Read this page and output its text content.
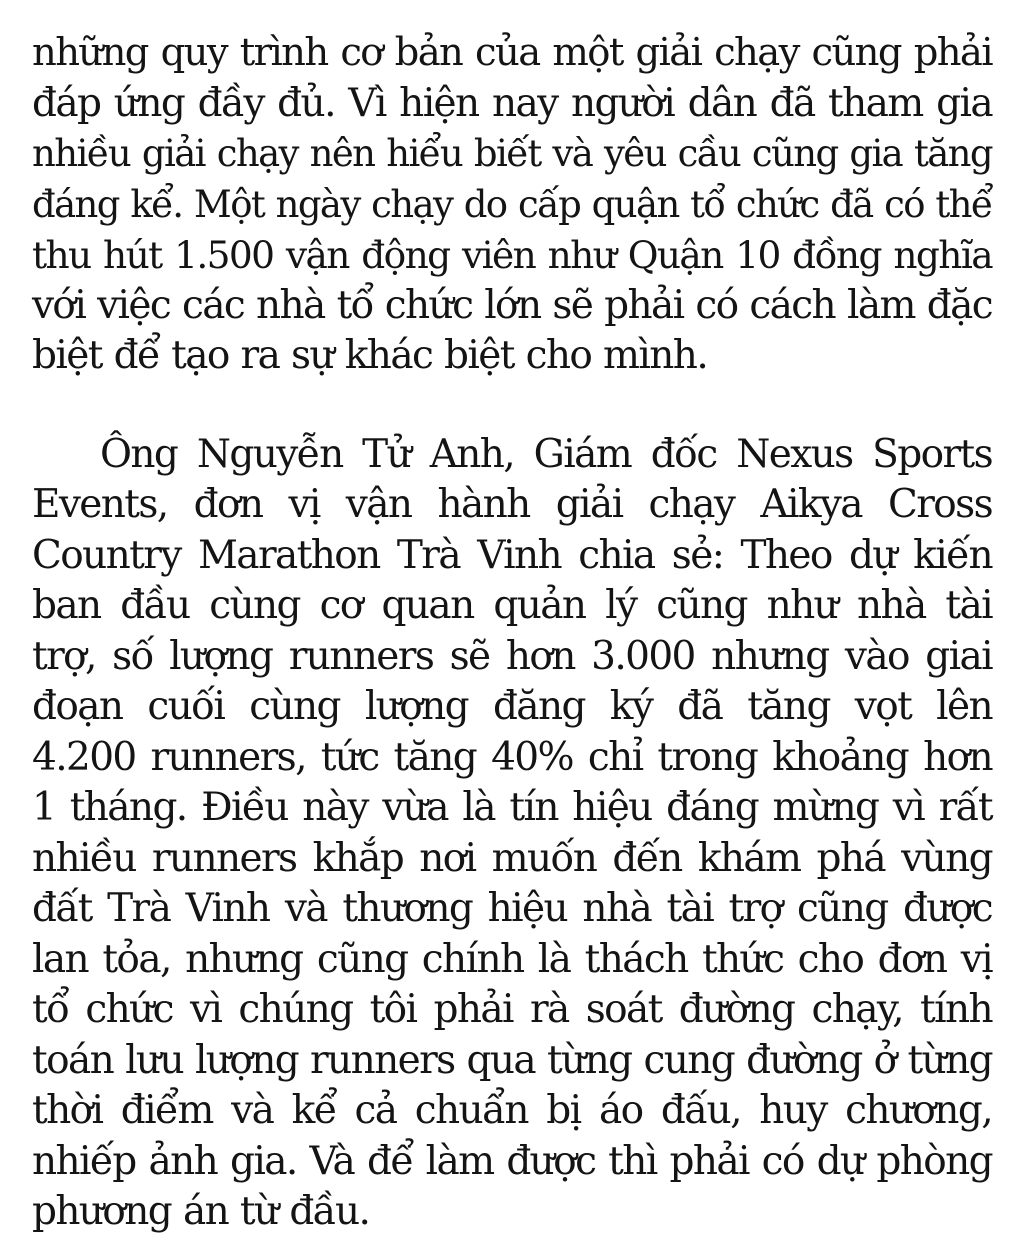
những quy trình cơ bản của một giải chạy cũng phải
đáp ứng đầy đủ. Vì hiện nay người dân đã tham gia
nhiều giải chạy nên hiểu biết và yêu cầu cũng gia tăng
đáng kể. Một ngày chạy do cấp quận tổ chức đã có thể
thu hút 1.500 vận động viên như Quận 10 đồng nghĩa
với việc các nhà tổ chức lớn sẽ phải có cách làm đặc
biệt để tạo ra sự khác biệt cho mình.
Ông Nguyễn Tử Anh, Giám đốc Nexus Sports
Events, đơn vị vận hành giải chạy Aikya Cross
Country Marathon Trà Vinh chia sẻ: Theo dự kiến
ban đầu cùng cơ quan quản lý cũng như nhà tài
trợ, số lượng runners sẽ hơn 3.000 nhưng vào giai
đoạn cuối cùng lượng đăng ký đã tăng vọt lên
4.200 runners, tức tăng 40% chỉ trong khoảng hơn
1 tháng. Điều này vừa là tín hiệu đáng mừng vì rất
nhiều runners khắp nơi muốn đến khám phá vùng
đất Trà Vinh và thương hiệu nhà tài trợ cũng được
lan tỏa, nhưng cũng chính là thách thức cho đơn vị
tổ chức vì chúng tôi phải rà soát đường chạy, tính
toán lưu lượng runners qua từng cung đường ở từng
thời điểm và kể cả chuẩn bị áo đấu, huy chương,
nhiếp ảnh gia. Và để làm được thì phải có dự phòng
phương án từ đầu.
